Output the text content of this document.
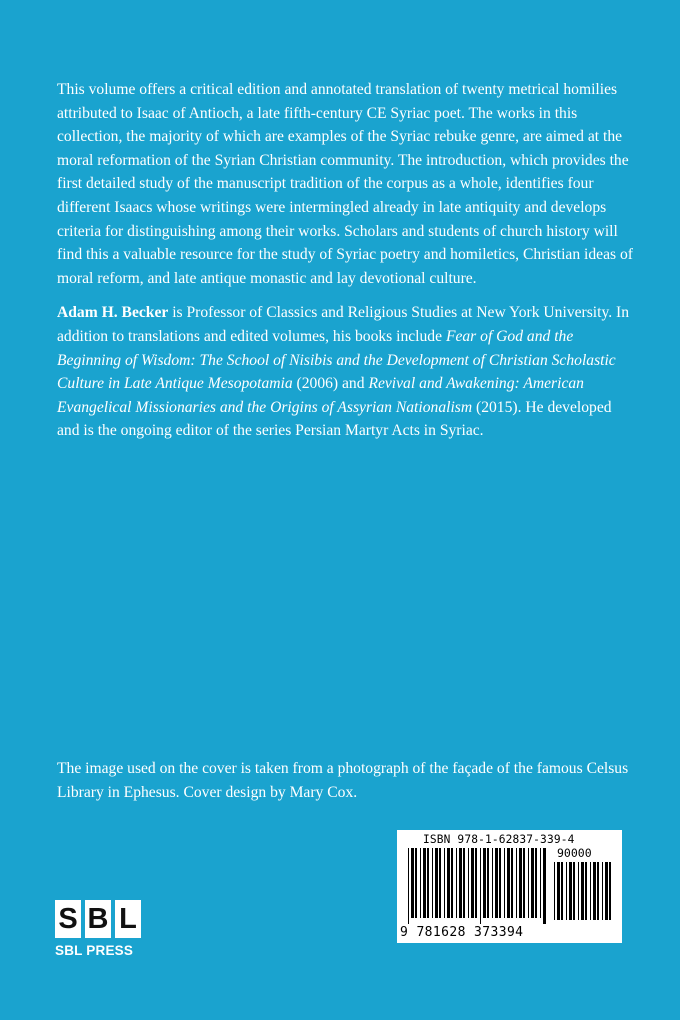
This volume offers a critical edition and annotated translation of twenty metrical homilies attributed to Isaac of Antioch, a late fifth-century CE Syriac poet. The works in this collection, the majority of which are examples of the Syriac rebuke genre, are aimed at the moral reformation of the Syrian Christian community. The introduction, which provides the first detailed study of the manuscript tradition of the corpus as a whole, identifies four different Isaacs whose writings were intermingled already in late antiquity and develops criteria for distinguishing among their works. Scholars and students of church history will find this a valuable resource for the study of Syriac poetry and homiletics, Christian ideas of moral reform, and late antique monastic and lay devotional culture.

Adam H. Becker is Professor of Classics and Religious Studies at New York University. In addition to translations and edited volumes, his books include Fear of God and the Beginning of Wisdom: The School of Nisibis and the Development of Christian Scholastic Culture in Late Antique Mesopotamia (2006) and Revival and Awakening: American Evangelical Missionaries and the Origins of Assyrian Nationalism (2015). He developed and is the ongoing editor of the series Persian Martyr Acts in Syriac.

The image used on the cover is taken from a photograph of the façade of the famous Celsus Library in Ephesus. Cover design by Mary Cox.

ISBN 978-1-62837-339-4
90000
9 781628 373394
S B L
SBL PRESS
